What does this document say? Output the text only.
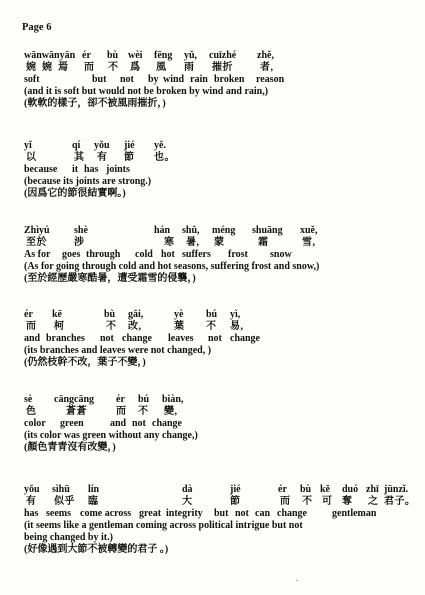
Page 6
wānwānyān ér bù wèi fēng yǔ, cuīzhé zhě,
婉 婉 焉 而 不 爲 風 雨 摧折	者,
soft	but not by wind rain broken reason
(and it is soft but would not be broken by wind and rain,)
(軟軟的樣子，卻不被風雨摧折，)
yǐ	qí yǒu jié yě.
以	其 有 節 也。
because it has joints
(because its joints are strong.)
(因爲它的節很結實啊。)
Zhìyú shè	hán shǔ, méng shuāng xuě,
至於	涉	寒 暑, 蒙	霜	雪,
As for goes through cold hot suffers frost snow
(As for going through cold and hot seasons, suffering frost and snow,)
(至於經歷嚴寒酷暑，遭受霜雪的侵襲，)
ér kē	bù gǎi,	yè bú yì,
而 柯	不 改,	葉 不 易,
and branches not change leaves not change
(its branches and leaves were not changed, )
(仍然枝幹不改，葉子不變，)
sè cāngcāng ér bú biàn,
色	蒼蒼	而 不 變,
color green	and not change
(its color was green without any change,)
(顏色青青沒有改變，)
yǒu sìhū lín	dà	jié	ér bù kě duó zhī jūnzǐ.
有 似乎 臨	大	節	而 不 可 奪 之 君子。
has seems come across great integrity but not can change	gentleman
(it seems like a gentleman coming across political intrigue but not
being changed by it.)
(好像遇到大節不被轉變的君子 。)
-
